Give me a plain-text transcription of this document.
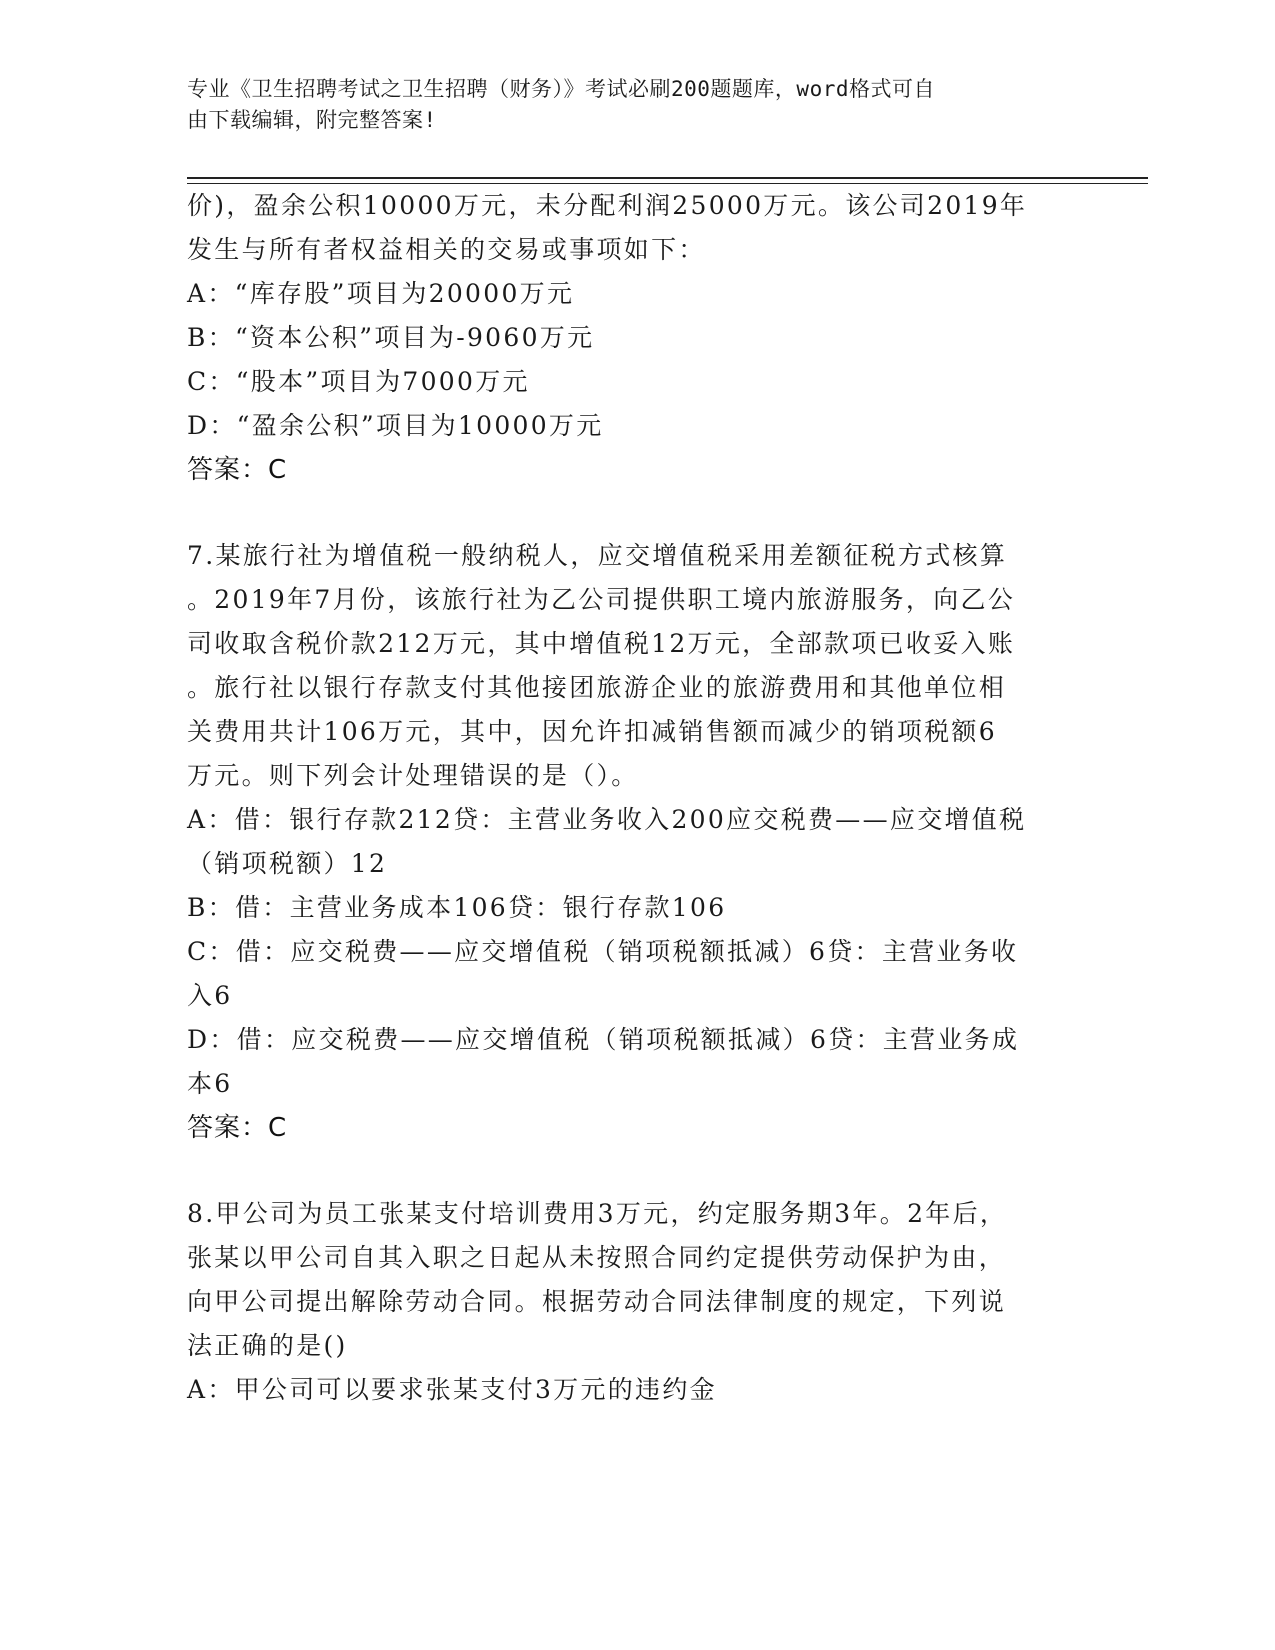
专业《卫生招聘考试之卫生招聘（财务）》考试必刷200题题库，word格式可自
由下载编辑，附完整答案!
价)，盈余公积10000万元，未分配利润25000万元。该公司2019年
发生与所有者权益相关的交易或事项如下：
A：“库存股”项目为20000万元
B：“资本公积”项目为-9060万元
C：“股本”项目为7000万元
D：“盈余公积”项目为10000万元
答案：C
7.某旅行社为增值税一般纳税人，应交增值税采用差额征税方式核算
。2019年7月份，该旅行社为乙公司提供职工境内旅游服务，向乙公
司收取含税价款212万元，其中增值税12万元，全部款项已收妥入账
。旅行社以银行存款支付其他接团旅游企业的旅游费用和其他单位相
关费用共计106万元，其中，因允许扣减销售额而减少的销项税额6
万元。则下列会计处理错误的是（）。
A：借：银行存款212贷：主营业务收入200应交税费——应交增值税
（销项税额）12
B：借：主营业务成本106贷：银行存款106
C：借：应交税费——应交增值税（销项税额抵减）6贷：主营业务收
入6
D：借：应交税费——应交增值税（销项税额抵减）6贷：主营业务成
本6
答案：C
8.甲公司为员工张某支付培训费用3万元，约定服务期3年。2年后，
张某以甲公司自其入职之日起从未按照合同约定提供劳动保护为由，
向甲公司提出解除劳动合同。根据劳动合同法律制度的规定，下列说
法正确的是()
A：甲公司可以要求张某支付3万元的违约金
